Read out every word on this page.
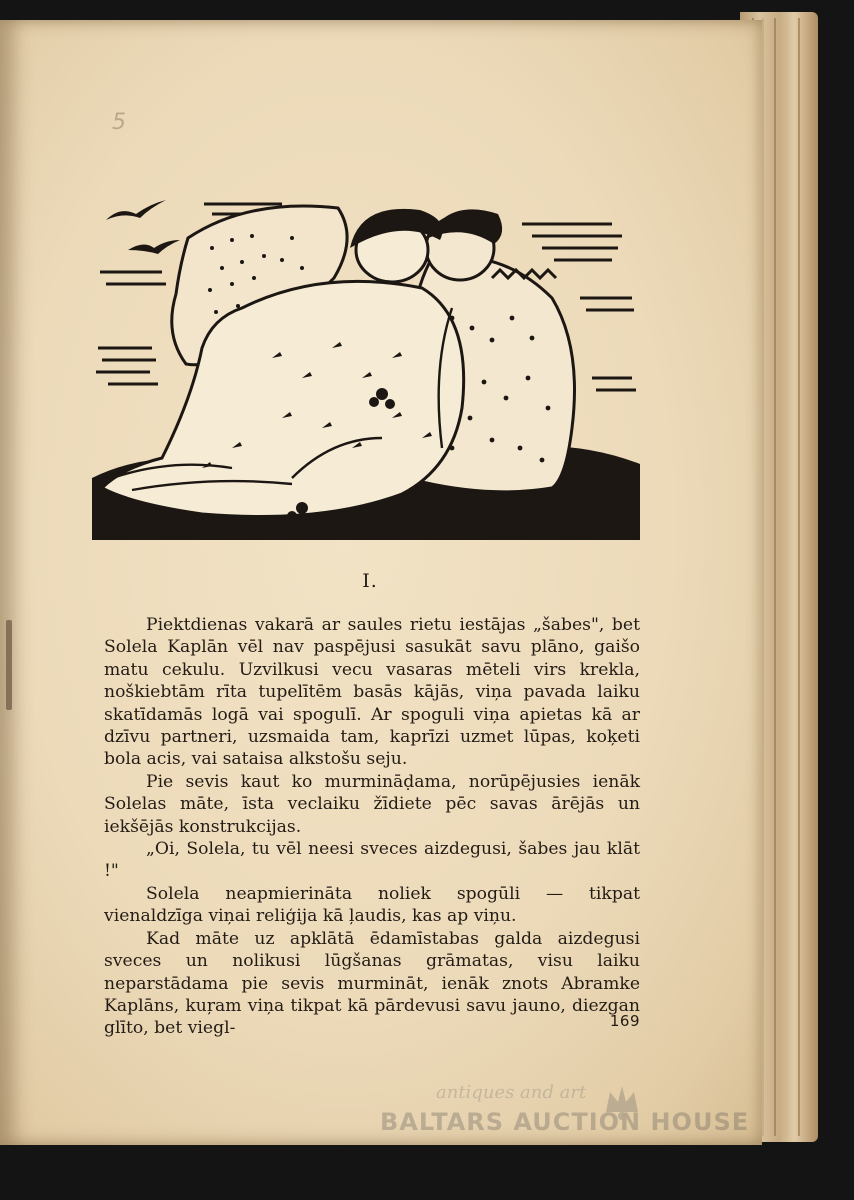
5
I.

Piektdienas vakarā ar saules rietu iestājas „šabes", bet Solela Kaplān vēl nav paspējusi sasukāt savu plāno, gaišo matu cekulu. Uzvilkusi vecu vasaras mēteli virs krekla, noškiebtām rīta tupelītēm basās kājās, viņa pavada laiku skatīdamās logā vai spogulī. Ar spoguli viņa apietas kā ar dzīvu partneri, uzsmaida tam, kaprīzi uzmet lūpas, koķeti bola acis, vai sataisa alkstošu seju.

Pie sevis kaut ko murmināḍama, norūpējusies ienāk Solelas māte, īsta veclaiku žīdiete pēc savas ārējās un iekšējās konstrukcijas.

„Oi, Solela, tu vēl neesi sveces aizdegusi, šabes jau klāt !"

Solela neapmierināta noliek spogūli — tikpat vienaldzīga viņai reliģija kā ļaudis, kas ap viņu.

Kad māte uz apklātā ēdamīstabas galda aizdegusi sveces un nolikusi lūgšanas grāmatas, visu laiku neparstādama pie sevis murmināt, ienāk znots Abramke Kaplāns, kuŗam viņa tikpat kā pārdevusi savu jauno, diezgan glīto, bet viegl-	169
antiques and art
BALTARS AUCTION HOUSE
